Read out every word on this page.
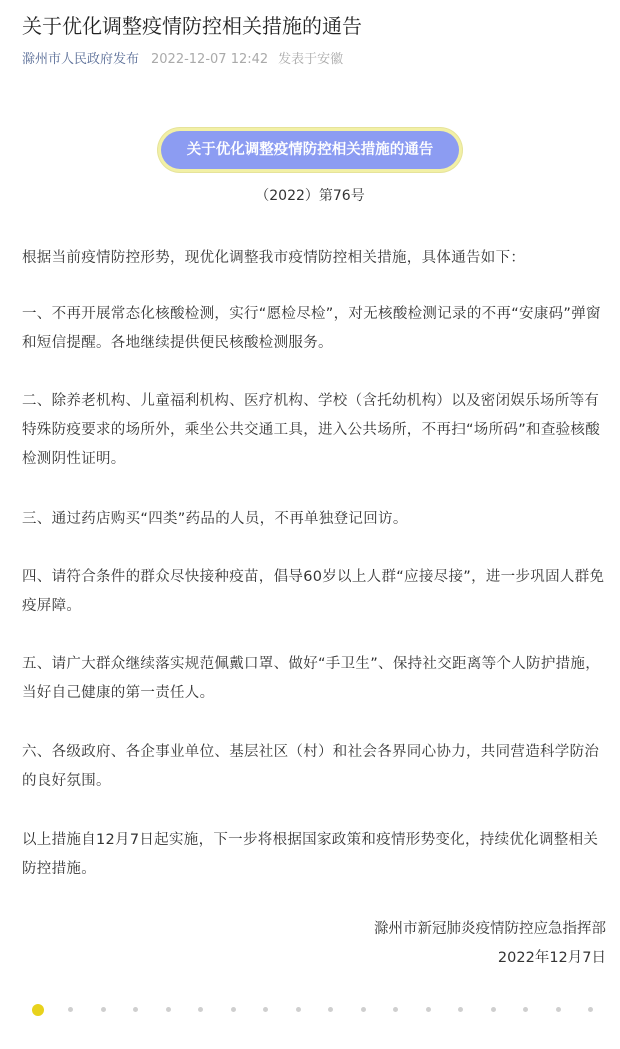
关于优化调整疫情防控相关措施的通告
滁州市人民政府发布 2022-12-07 12:42 发表于安徽
关于优化调整疫情防控相关措施的通告
（2022）第76号

根据当前疫情防控形势，现优化调整我市疫情防控相关措施，具体通告如下：

一、不再开展常态化核酸检测，实行“愿检尽检”，对无核酸检测记录的不再“安康码”弹窗和短信提醒。各地继续提供便民核酸检测服务。

二、除养老机构、儿童福利机构、医疗机构、学校（含托幼机构）以及密闭娱乐场所等有特殊防疫要求的场所外，乘坐公共交通工具，进入公共场所，不再扫“场所码”和查验核酸检测阴性证明。

三、通过药店购买“四类”药品的人员，不再单独登记回访。

四、请符合条件的群众尽快接种疫苗，倡导60岁以上人群“应接尽接”，进一步巩固人群免疫屏障。

五、请广大群众继续落实规范佩戴口罩、做好“手卫生”、保持社交距离等个人防护措施，当好自己健康的第一责任人。

六、各级政府、各企事业单位、基层社区（村）和社会各界同心协力，共同营造科学防治的良好氛围。

以上措施自12月7日起实施，下一步将根据国家政策和疫情形势变化，持续优化调整相关防控措施。

滁州市新冠肺炎疫情防控应急指挥部
2022年12月7日
